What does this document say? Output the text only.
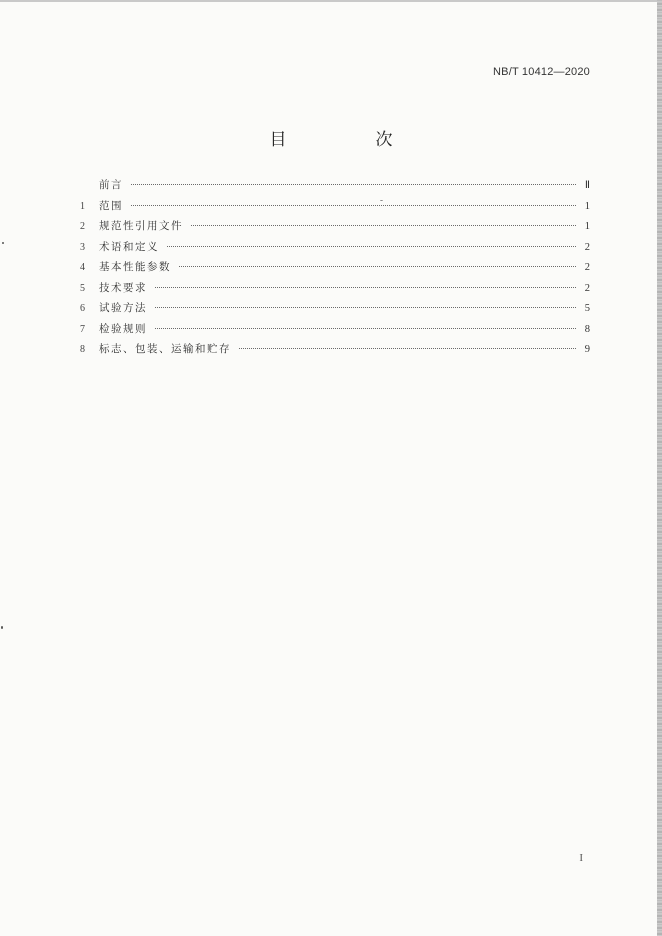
NB/T 10412—2020
目　次
前言	Ⅱ
1	范围	1
2	规范性引用文件	1
3	术语和定义	2
4	基本性能参数	2
5	技术要求	2
6	试验方法	5
7	检验规则	8
8	标志、包装、运输和贮存	9
I
